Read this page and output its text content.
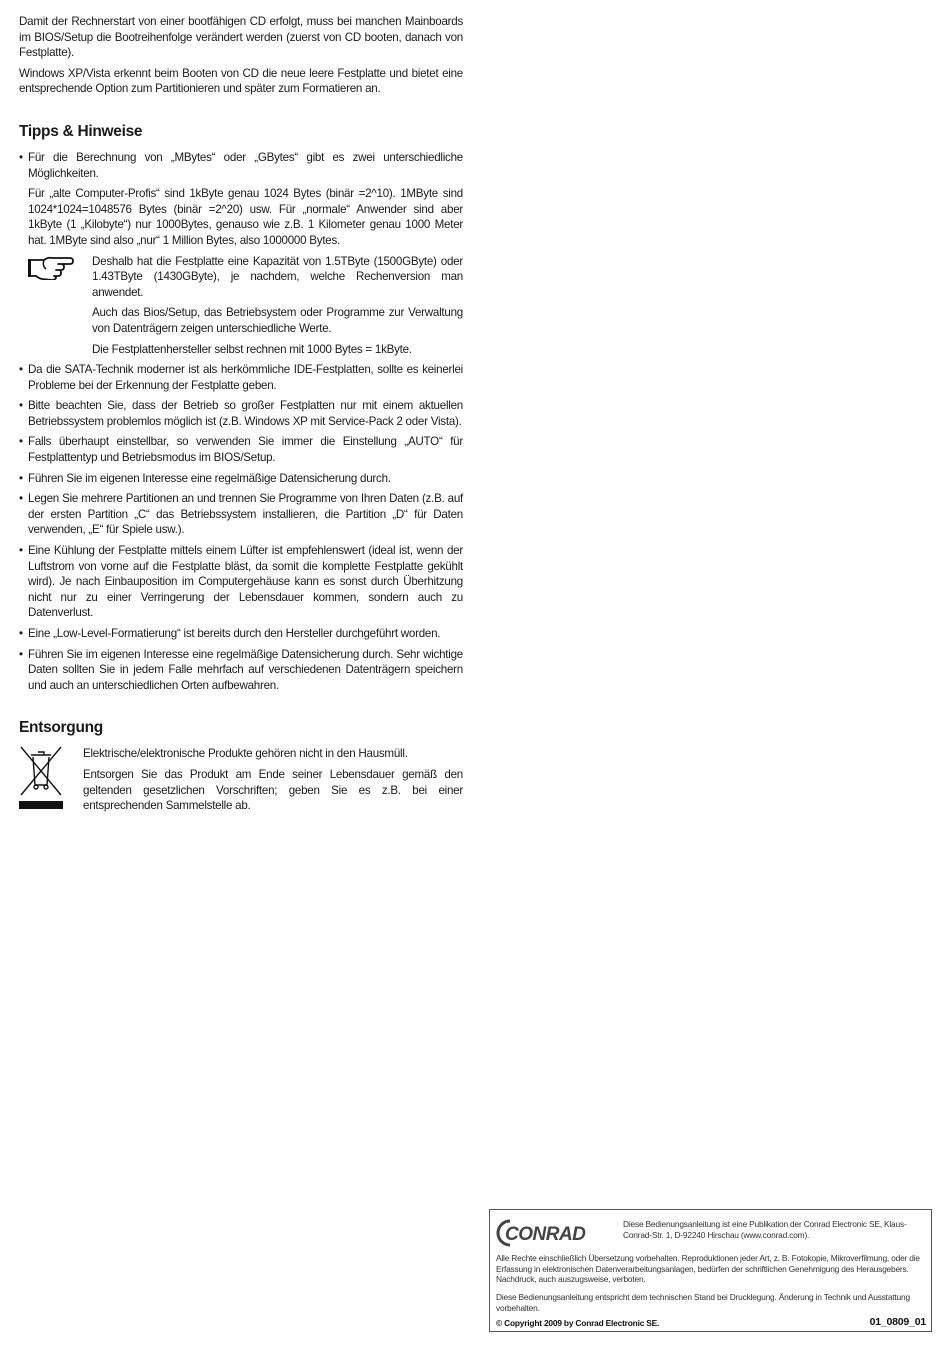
Damit der Rechnerstart von einer bootfähigen CD erfolgt, muss bei manchen Mainboards im BIOS/Setup die Bootreihenfolge verändert werden (zuerst von CD booten, danach von Festplatte).

Windows XP/Vista erkennt beim Booten von CD die neue leere Festplatte und bietet eine entsprechende Option zum Partitionieren und später zum Formatieren an.

Tipps & Hinweise
• Für die Berechnung von „MBytes“ oder „GBytes“ gibt es zwei unterschiedliche Möglichkeiten.

Für „alte Computer-Profis“ sind 1kByte genau 1024 Bytes (binär =2^10). 1MByte sind 1024*1024=1048576 Bytes (binär =2^20) usw. Für „normale“ Anwender sind aber 1kByte (1 „Kilobyte“) nur 1000Bytes, genauso wie z.B. 1 Kilometer genau 1000 Meter hat. 1MByte sind also „nur“ 1 Million Bytes, also 1000000 Bytes.

Deshalb hat die Festplatte eine Kapazität von 1.5TByte (1500GByte) oder 1.43TByte (1430GByte), je nachdem, welche Rechenversion man anwendet.

Auch das Bios/Setup, das Betriebsystem oder Programme zur Verwaltung von Datenträgern zeigen unterschiedliche Werte.

Die Festplattenhersteller selbst rechnen mit 1000 Bytes = 1kByte.

• Da die SATA-Technik moderner ist als herkömmliche IDE-Festplatten, sollte es keinerlei Probleme bei der Erkennung der Festplatte geben.
• Bitte beachten Sie, dass der Betrieb so großer Festplatten nur mit einem aktuellen Betriebssystem problemlos möglich ist (z.B. Windows XP mit Service-Pack 2 oder Vista).
• Falls überhaupt einstellbar, so verwenden Sie immer die Einstellung „AUTO“ für Festplattentyp und Betriebsmodus im BIOS/Setup.
• Führen Sie im eigenen Interesse eine regelmäßige Datensicherung durch.
• Legen Sie mehrere Partitionen an und trennen Sie Programme von Ihren Daten (z.B. auf der ersten Partition „C“ das Betriebssystem installieren, die Partition „D“ für Daten verwenden, „E“ für Spiele usw.).
• Eine Kühlung der Festplatte mittels einem Lüfter ist empfehlenswert (ideal ist, wenn der Luftstrom von vorne auf die Festplatte bläst, da somit die komplette Festplatte gekühlt wird). Je nach Einbauposition im Computergehäuse kann es sonst durch Überhitzung nicht nur zu einer Verringerung der Lebensdauer kommen, sondern auch zu Datenverlust.
• Eine „Low-Level-Formatierung“ ist bereits durch den Hersteller durchgeführt worden.
• Führen Sie im eigenen Interesse eine regelmäßige Datensicherung durch. Sehr wichtige Daten sollten Sie in jedem Falle mehrfach auf verschiedenen Datenträgern speichern und auch an unterschiedlichen Orten aufbewahren.
Entsorgung

Elektrische/elektronische Produkte gehören nicht in den Hausmüll.

Entsorgen Sie das Produkt am Ende seiner Lebensdauer gemäß den geltenden gesetzlichen Vorschriften; geben Sie es z.B. bei einer entsprechenden Sammelstelle ab.

CONRAD	Diese Bedienungsanleitung ist eine Publikation der Conrad Electronic SE, Klaus-Conrad-Str. 1, D-92240 Hirschau (www.conrad.com).
Alle Rechte einschließlich Übersetzung vorbehalten. Reproduktionen jeder Art, z. B. Fotokopie, Mikroverfilmung, oder die Erfassung in elektronischen Datenverarbeitungsanlagen, bedürfen der schriftlichen Genehmigung des Herausgebers. Nachdruck, auch auszugsweise, verboten.
Diese Bedienungsanleitung entspricht dem technischen Stand bei Drucklegung. Änderung in Technik und Ausstattung vorbehalten.
© Copyright 2009 by Conrad Electronic SE.	01_0809_01
